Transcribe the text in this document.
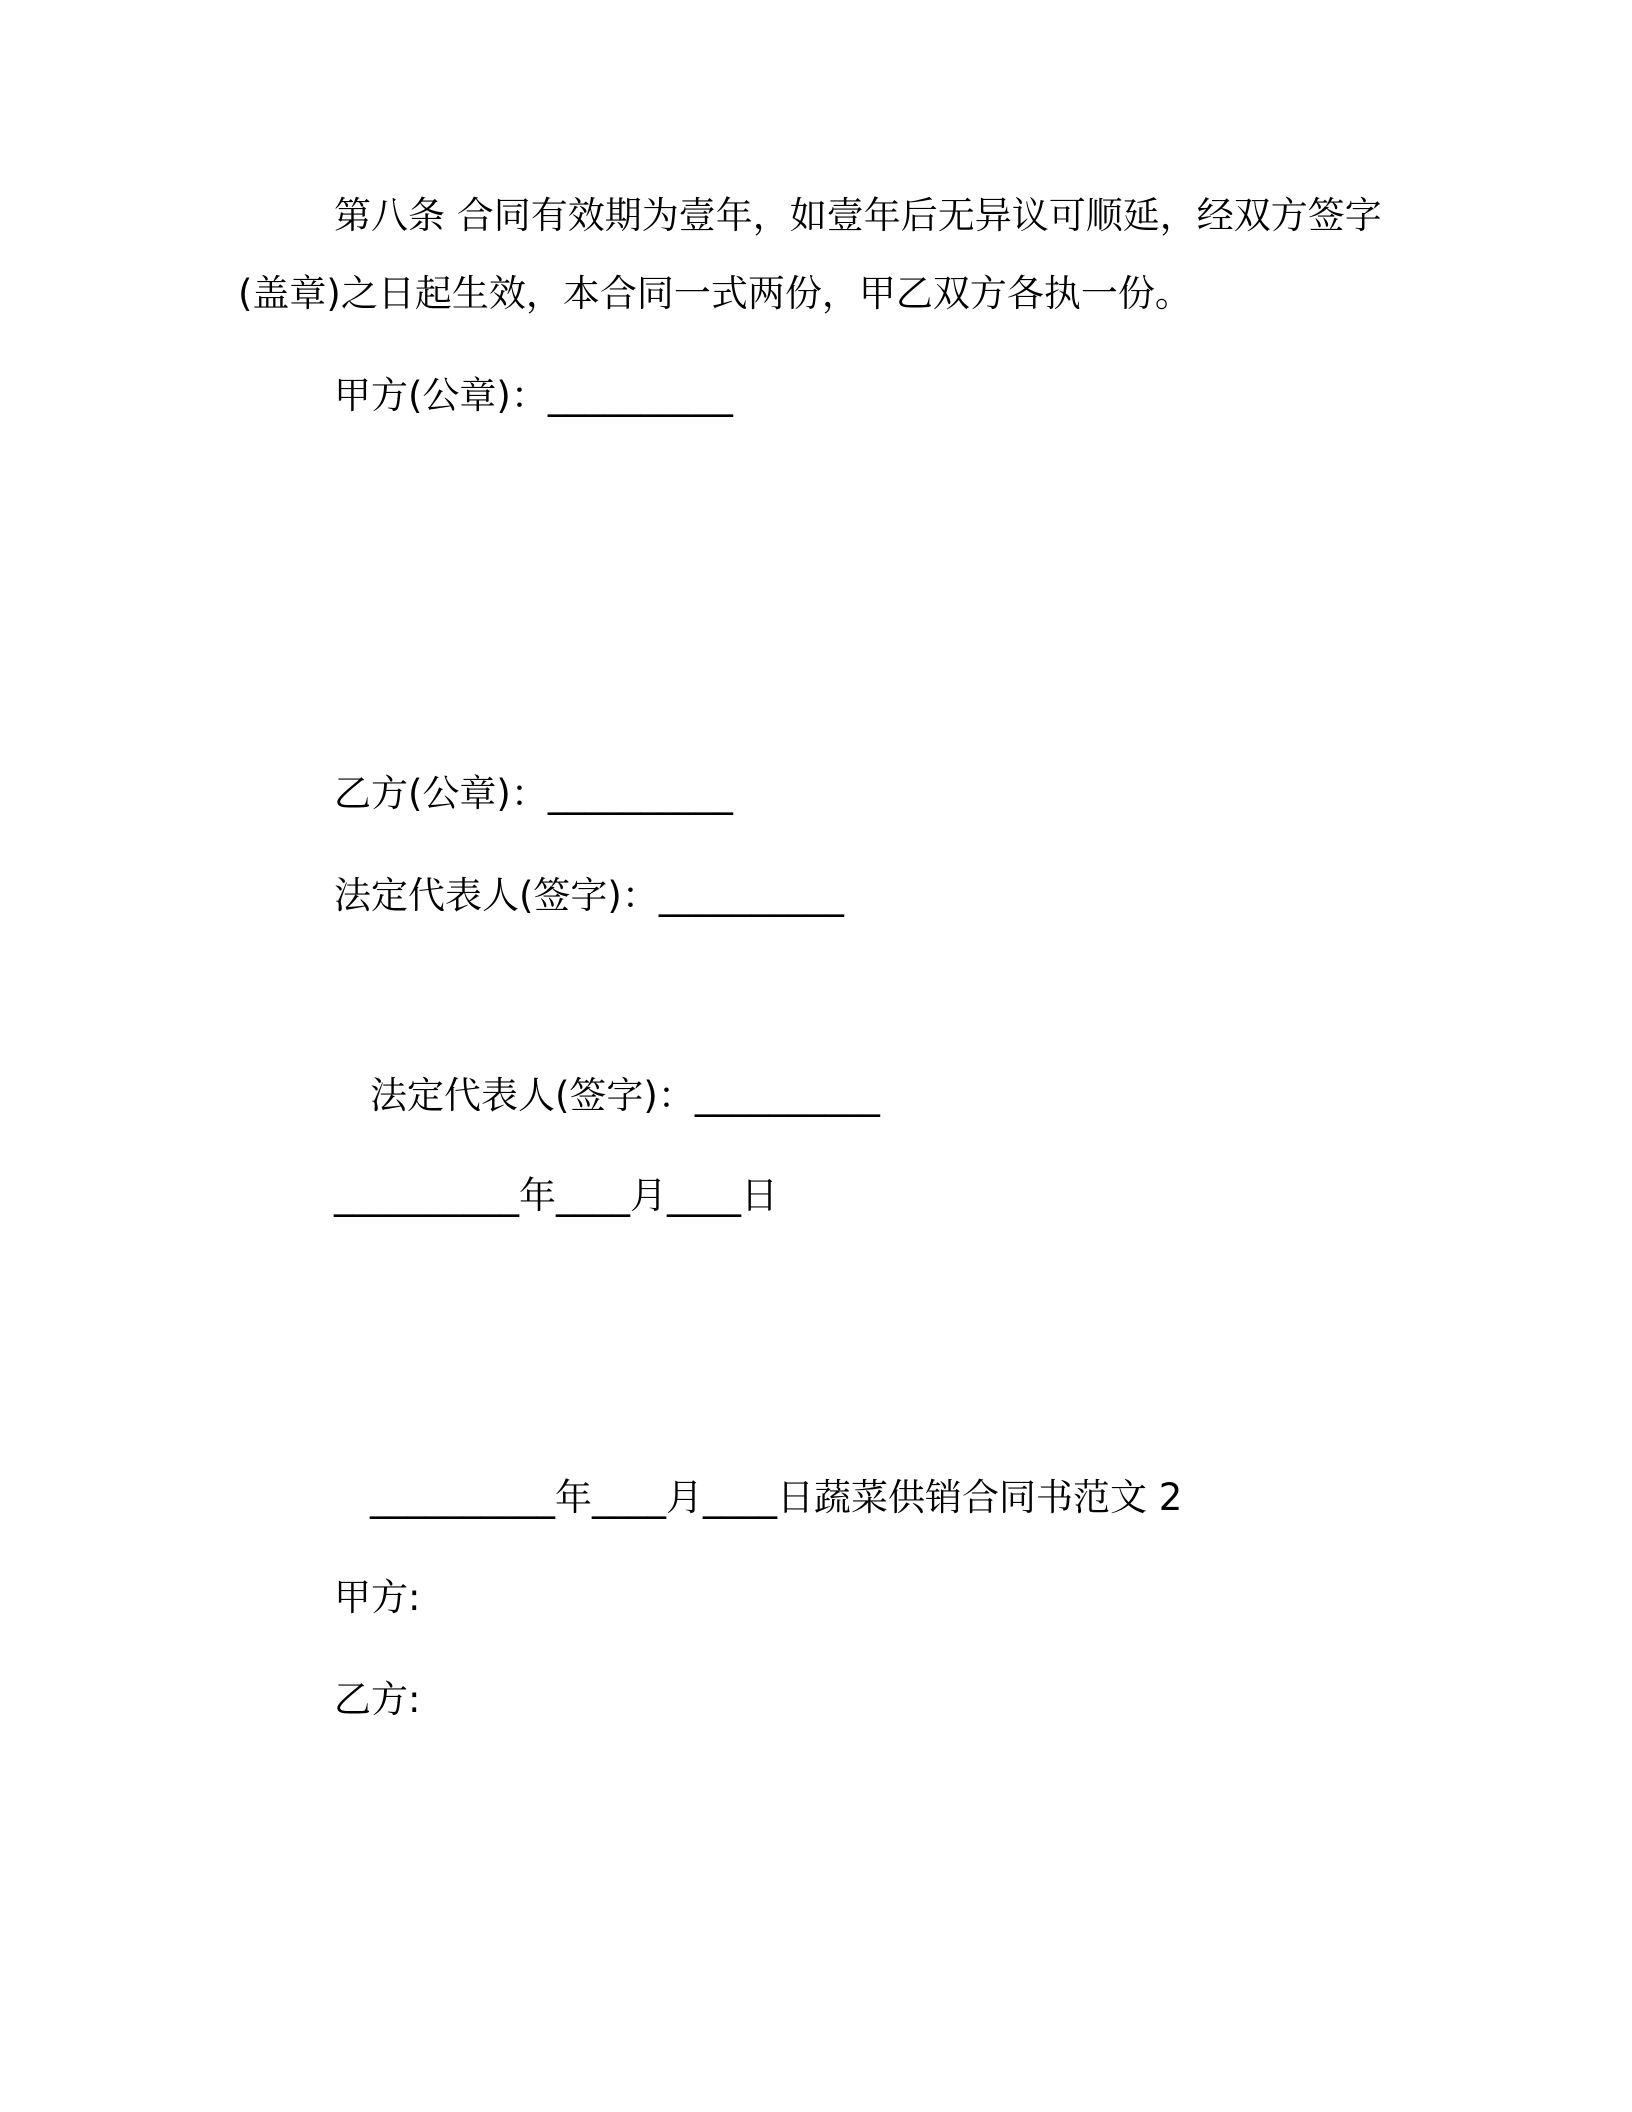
第八条 合同有效期为壹年，如壹年后无异议可顺延，经双方签字
(盖章)之日起生效，本合同一式两份，甲乙双方各执一份。
甲方(公章)：__________
乙方(公章)：__________
法定代表人(签字)：__________
法定代表人(签字)：__________
__________年____月____日
__________年____月____日蔬菜供销合同书范文 2
甲方:
乙方:
